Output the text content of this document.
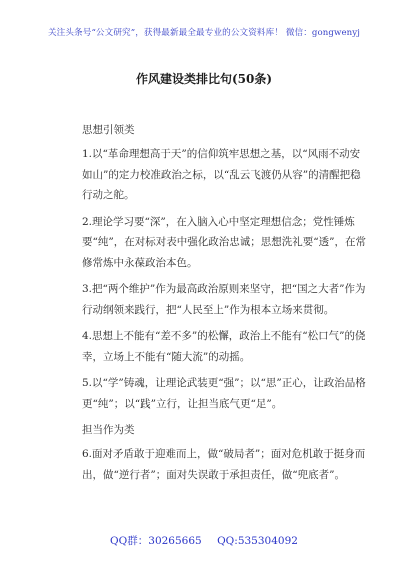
关注头条号“公文研究”，获得最新最全最专业的公文资料库！ 微信：gongwenyj
作风建设类排比句(50条)
思想引领类

1.以“革命理想高于天”的信仰筑牢思想之基，以“风雨不动安如山”的定力校准政治之标，以“乱云飞渡仍从容”的清醒把稳行动之舵。

2.理论学习要“深”，在入脑入心中坚定理想信念；党性锤炼要“纯”，在对标对表中强化政治忠诚；思想洗礼要“透”，在常修常炼中永葆政治本色。

3.把“两个维护”作为最高政治原则来坚守，把“国之大者”作为行动纲领来践行，把“人民至上”作为根本立场来贯彻。

4.思想上不能有“差不多”的松懈，政治上不能有“松口气”的侥幸，立场上不能有“随大流”的动摇。

5.以“学”铸魂，让理论武装更“强”；以“思”正心，让政治品格更“纯”；以“践”立行，让担当底气更“足”。

担当作为类

6.面对矛盾敢于迎难而上，做“破局者”；面对危机敢于挺身而出，做“逆行者”；面对失误敢于承担责任，做“兜底者”。

QQ群：30265665 QQ:535304092
